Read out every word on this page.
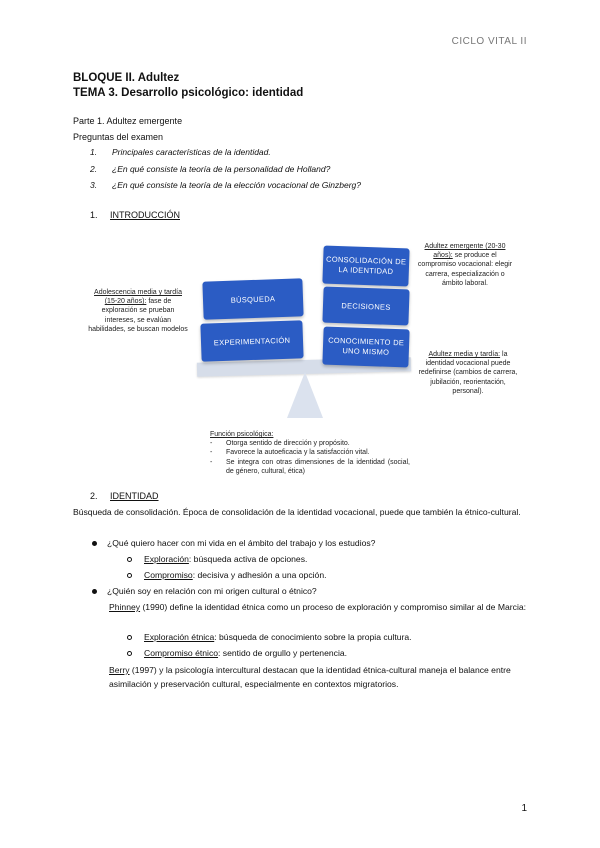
CICLO VITAL II
BLOQUE II. Adultez
TEMA 3. Desarrollo psicológico: identidad
Parte 1. Adultez emergente
Preguntas del examen
1. Principales características de la identidad.
2. ¿En qué consiste la teoría de la personalidad de Holland?
3. ¿En qué consiste la teoría de la elección vocacional de Ginzberg?
1. INTRODUCCIÓN
BÚSQUEDA
EXPERIMENTACIÓN
CONSOLIDACIÓN DE LA IDENTIDAD
DECISIONES
CONOCIMIENTO DE UNO MISMO
Adolescencia media y tardía (15-20 años): fase de exploración se prueban intereses, se evalúan habilidades, se buscan modelos
Adultez emergente (20-30 años): se produce el compromiso vocacional: elegir carrera, especialización o ámbito laboral.
Adultez media y tardía: la identidad vocacional puede redefinirse (cambios de carrera, jubilación, reorientación, personal).
Función psicológica:
-	Otorga sentido de dirección y propósito.
-	Favorece la autoeficacia y la satisfacción vital.
-	Se integra con otras dimensiones de la identidad (social, de género, cultural, ética)
2. IDENTIDAD
Búsqueda de consolidación. Época de consolidación de la identidad vocacional, puede que también la étnico-cultural.
¿Qué quiero hacer con mi vida en el ámbito del trabajo y los estudios?
Exploración: búsqueda activa de opciones.
Compromiso: decisiva y adhesión a una opción.
¿Quién soy en relación con mi origen cultural o étnico?
Phinney (1990) define la identidad étnica como un proceso de exploración y compromiso similar al de Marcia:
Exploración étnica: búsqueda de conocimiento sobre la propia cultura.
Compromiso étnico: sentido de orgullo y pertenencia.
Berry (1997) y la psicología intercultural destacan que la identidad étnica-cultural maneja el balance entre asimilación y preservación cultural, especialmente en contextos migratorios.
1
